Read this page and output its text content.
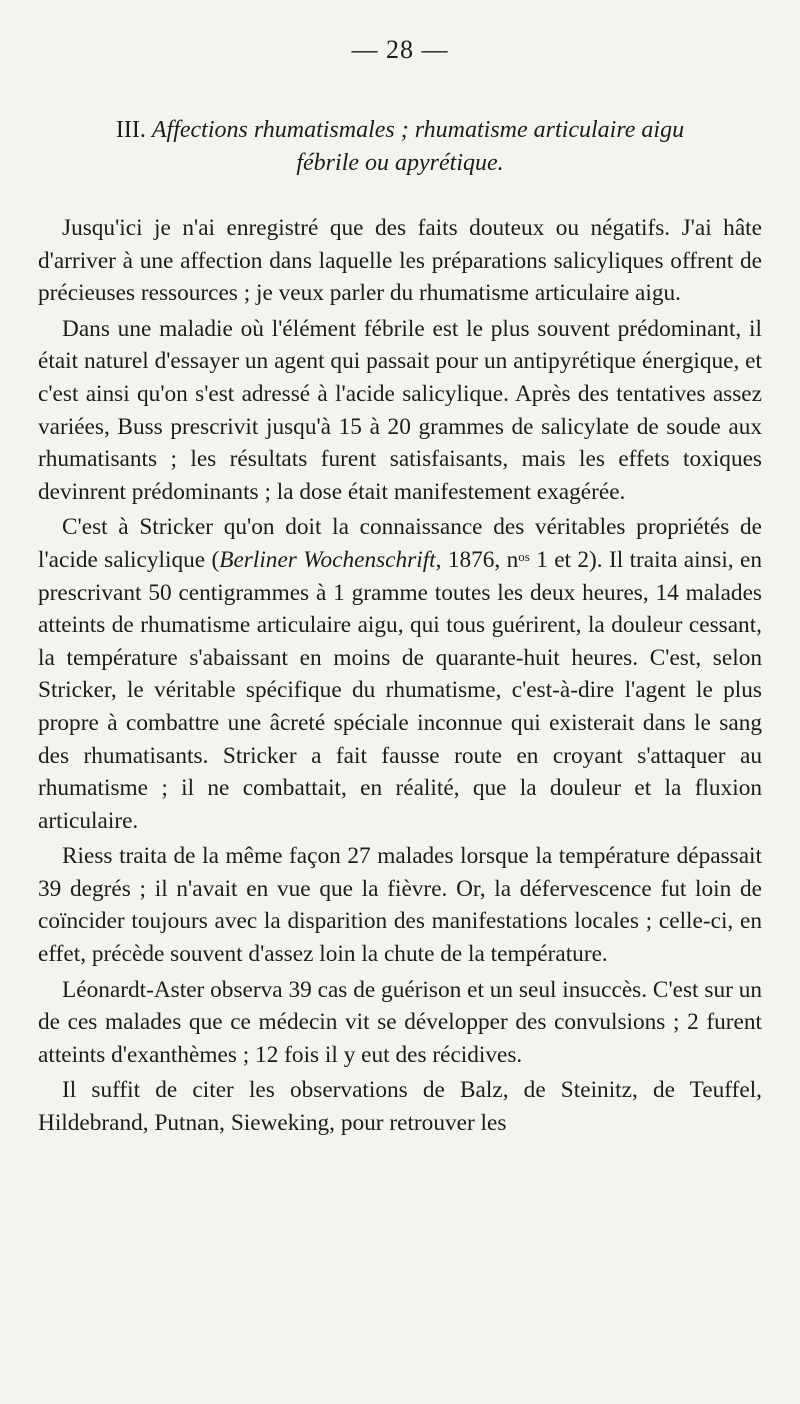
— 28 —
III. Affections rhumatismales ; rhumatisme articulaire aigu
fébrile ou apyrétique.

Jusqu'ici je n'ai enregistré que des faits douteux ou négatifs. J'ai hâte d'arriver à une affection dans laquelle les préparations salicyliques offrent de précieuses ressources ; je veux parler du rhumatisme articulaire aigu.

Dans une maladie où l'élément fébrile est le plus souvent prédominant, il était naturel d'essayer un agent qui passait pour un antipyrétique énergique, et c'est ainsi qu'on s'est adressé à l'acide salicylique. Après des tentatives assez variées, Buss prescrivit jusqu'à 15 à 20 grammes de salicylate de soude aux rhumatisants ; les résultats furent satisfaisants, mais les effets toxiques devinrent prédominants ; la dose était manifestement exagérée.

C'est à Stricker qu'on doit la connaissance des véritables propriétés de l'acide salicylique (Berliner Wochenschrift, 1876, $n^{os}$ 1 et 2). Il traita ainsi, en prescrivant 50 centigrammes à 1 gramme toutes les deux heures, 14 malades atteints de rhumatisme articulaire aigu, qui tous guérirent, la douleur cessant, la température s'abaissant en moins de quarante-huit heures. C'est, selon Stricker, le véritable spécifique du rhumatisme, c'est-à-dire l'agent le plus propre à combattre une âcreté spéciale inconnue qui existerait dans le sang des rhumatisants. Stricker a fait fausse route en croyant s'attaquer au rhumatisme ; il ne combattait, en réalité, que la douleur et la fluxion articulaire.

Riess traita de la même façon 27 malades lorsque la température dépassait 39 degrés ; il n'avait en vue que la fièvre. Or, la défervescence fut loin de coïncider toujours avec la disparition des manifestations locales ; celle-ci, en effet, précède souvent d'assez loin la chute de la température.

Léonardt-Aster observa 39 cas de guérison et un seul insuccès. C'est sur un de ces malades que ce médecin vit se développer des convulsions ; 2 furent atteints d'exanthèmes ; 12 fois il y eut des récidives.

Il suffit de citer les observations de Balz, de Steinitz, de Teuffel, Hildebrand, Putnan, Sieweking, pour retrouver les
